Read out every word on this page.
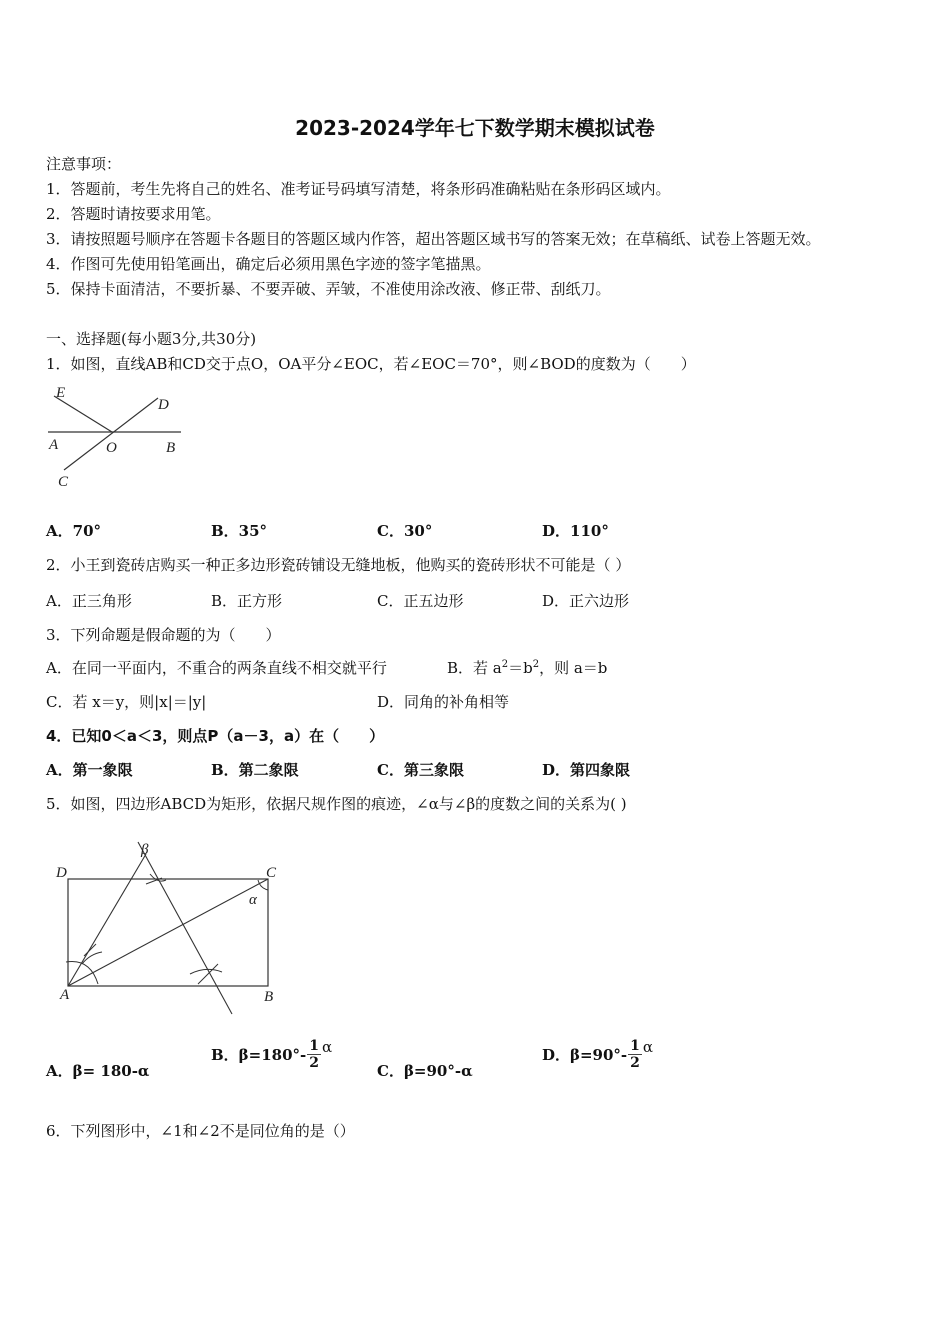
2023-2024学年七下数学期末模拟试卷
注意事项：
1．答题前，考生先将自己的姓名、准考证号码填写清楚，将条形码准确粘贴在条形码区域内。
2．答题时请按要求用笔。
3．请按照题号顺序在答题卡各题目的答题区域内作答，超出答题区域书写的答案无效；在草稿纸、试卷上答题无效。
4．作图可先使用铅笔画出，确定后必须用黑色字迹的签字笔描黑。
5．保持卡面清洁，不要折暴、不要弄破、弄皱，不准使用涂改液、修正带、刮纸刀。
一、选择题(每小题3分,共30分)
1．如图，直线AB和CD交于点O，OA平分∠EOC，若∠EOC＝70°，则∠BOD的度数为（　　）
E
D
A	O	B
C
A．70°	B．35°	C．30°	D．110°
2．小王到瓷砖店购买一种正多边形瓷砖铺设无缝地板，他购买的瓷砖形状不可能是（ ）
A．正三角形	B．正方形	C．正五边形	D．正六边形
3．下列命题是假命题的为（　　）
A．在同一平面内，不重合的两条直线不相交就平行	B．若 $a^2=b^2$，则 a＝b
C．若 x＝y，则|x|＝|y|	D．同角的补角相等
4．已知0＜a＜3，则点P（a－3，a）在（　　）
A．第一象限	B．第二象限	C．第三象限	D．第四象限
5．如图，四边形ABCD为矩形，依据尺规作图的痕迹，∠α与∠β的度数之间的关系为( )
D	C
A	B
β
α
A．β= 180-α
B．$\beta=180^\circ- \frac{1}{2}$ α
C．β=90°-α
D．$\beta=90^\circ- \frac{1}{2}$ α
6．下列图形中，∠1和∠2不是同位角的是（）
